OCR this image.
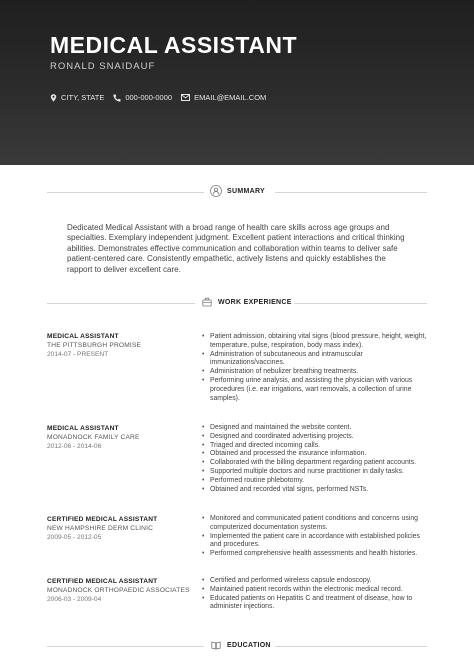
MEDICAL ASSISTANT
RONALD SNAIDAUF
CITY, STATE	000-000-0000	EMAIL@EMAIL.COM
SUMMARY
Dedicated Medical Assistant with a broad range of health care skills across age groups and specialties. Exemplary independent judgment. Excellent patient interactions and critical thinking abilities. Demonstrates effective communication and collaboration within teams to deliver safe patient-centered care. Consistently empathetic, actively listens and quickly establishes the rapport to deliver excellent care.
WORK EXPERIENCE
MEDICAL ASSISTANT
THE PITTSBURGH PROMISE
2014-07 - PRESENT
• Patient admission, obtaining vital signs (blood pressure, height, weight, temperature, pulse, respiration, body mass index).
• Administration of subcutaneous and intramuscular immunizations/vaccines.
• Administration of nebulizer breathing treatments.
• Performing urine analysis, and assisting the physician with various procedures (i.e. ear irrigations, wart removals, a collection of urine samples).
MEDICAL ASSISTANT
MONADNOCK FAMILY CARE
2012-06 - 2014-06
• Designed and maintained the website content.
• Designed and coordinated advertising projects.
• Triaged and directed incoming calls.
• Obtained and processed the insurance information.
• Collaborated with the billing department regarding patient accounts.
• Supported multiple doctors and nurse practitioner in daily tasks.
• Performed routine phlebotomy.
• Obtained and recorded vital signs, performed NSTs.
CERTIFIED MEDICAL ASSISTANT
NEW HAMPSHIRE DERM CLINIC
2009-05 - 2012-05
• Monitored and communicated patient conditions and concerns using computerized documentation systems.
• Implemented the patient care in accordance with established policies and procedures.
• Performed comprehensive health assessments and health histories.
CERTIFIED MEDICAL ASSISTANT
MONADNOCK ORTHOPAEDIC ASSOCIATES
2006-03 - 2009-04
• Certified and performed wireless capsule endoscopy.
• Maintained patient records within the electronic medical record.
• Educated patients on Hepatitis C and treatment of disease, how to administer injections.
EDUCATION
